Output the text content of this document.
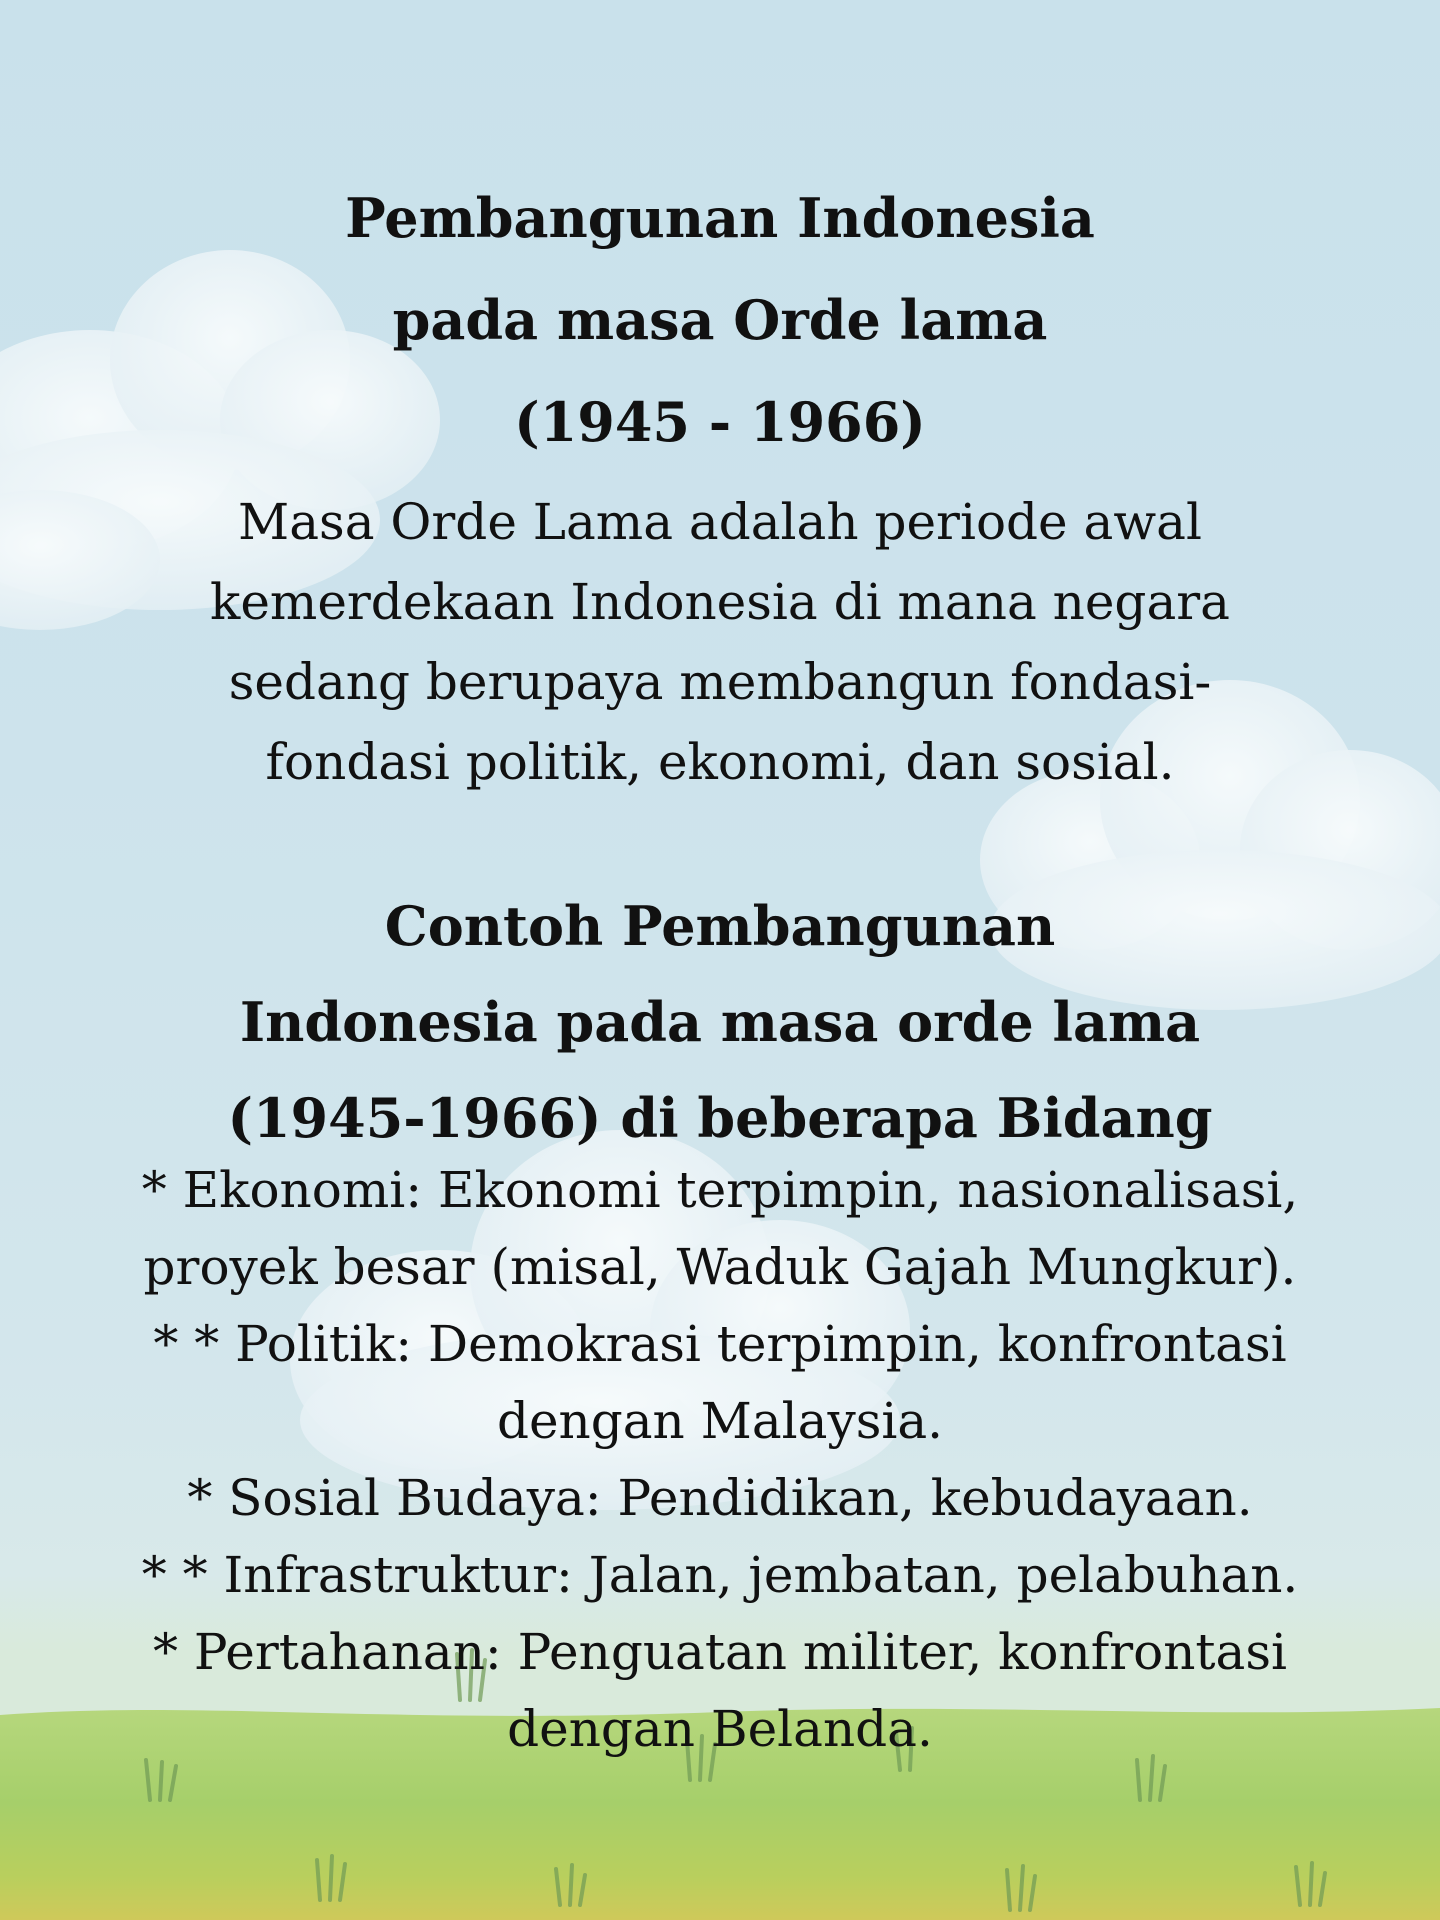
Pembangunan Indonesia
pada masa Orde lama
(1945 - 1966)
Masa Orde Lama adalah periode awal
kemerdekaan Indonesia di mana negara
sedang berupaya membangun fondasi-
fondasi politik, ekonomi, dan sosial.
Contoh Pembangunan
Indonesia pada masa orde lama
(1945-1966) di beberapa Bidang
* Ekonomi: Ekonomi terpimpin, nasionalisasi,
proyek besar (misal, Waduk Gajah Mungkur).
* * Politik: Demokrasi terpimpin, konfrontasi
dengan Malaysia.
* Sosial Budaya: Pendidikan, kebudayaan.
* * Infrastruktur: Jalan, jembatan, pelabuhan.
* Pertahanan: Penguatan militer, konfrontasi
dengan Belanda.
